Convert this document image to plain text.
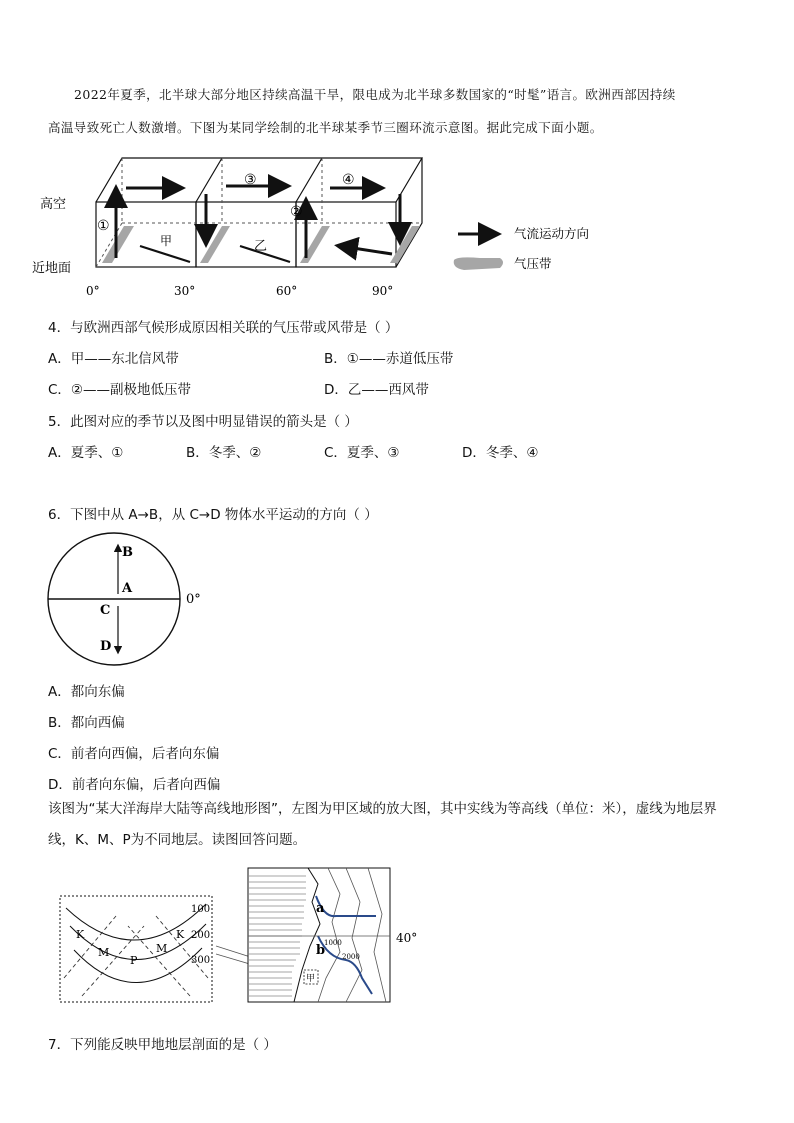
2022年夏季，北半球大部分地区持续高温干旱，限电成为北半球多数国家的“时髦”语言。欧洲西部因持续
高温导致死亡人数激增。下图为某同学绘制的北半球某季节三圈环流示意图。据此完成下面小题。
高空
近地面
①
②
③	④
甲	乙
0°	30°	60°	90°
气流运动方向
气压带
4．与欧洲西部气候形成原因相关联的气压带或风带是（ ）
A．甲——东北信风带	B．①——赤道低压带
C．②——副极地低压带	D．乙——西风带
5．此图对应的季节以及图中明显错误的箭头是（ ）
A．夏季、①	B．冬季、②	C．夏季、③	D．冬季、④
6．下图中从 A→B，从 C→D 物体水平运动的方向（ ）
B
A
C
D
0°
A．都向东偏
B．都向西偏
C．前者向西偏，后者向东偏
D．前者向东偏，后者向西偏
该图为“某大洋海岸大陆等高线地形图”，左图为甲区域的放大图，其中实线为等高线（单位：米），虚线为地层界
线，K、M、P为不同地层。读图回答问题。
100
200
300
K	K
M	M
P
a
b
1000
2000
40°
甲
7．下列能反映甲地地层剖面的是（ ）
